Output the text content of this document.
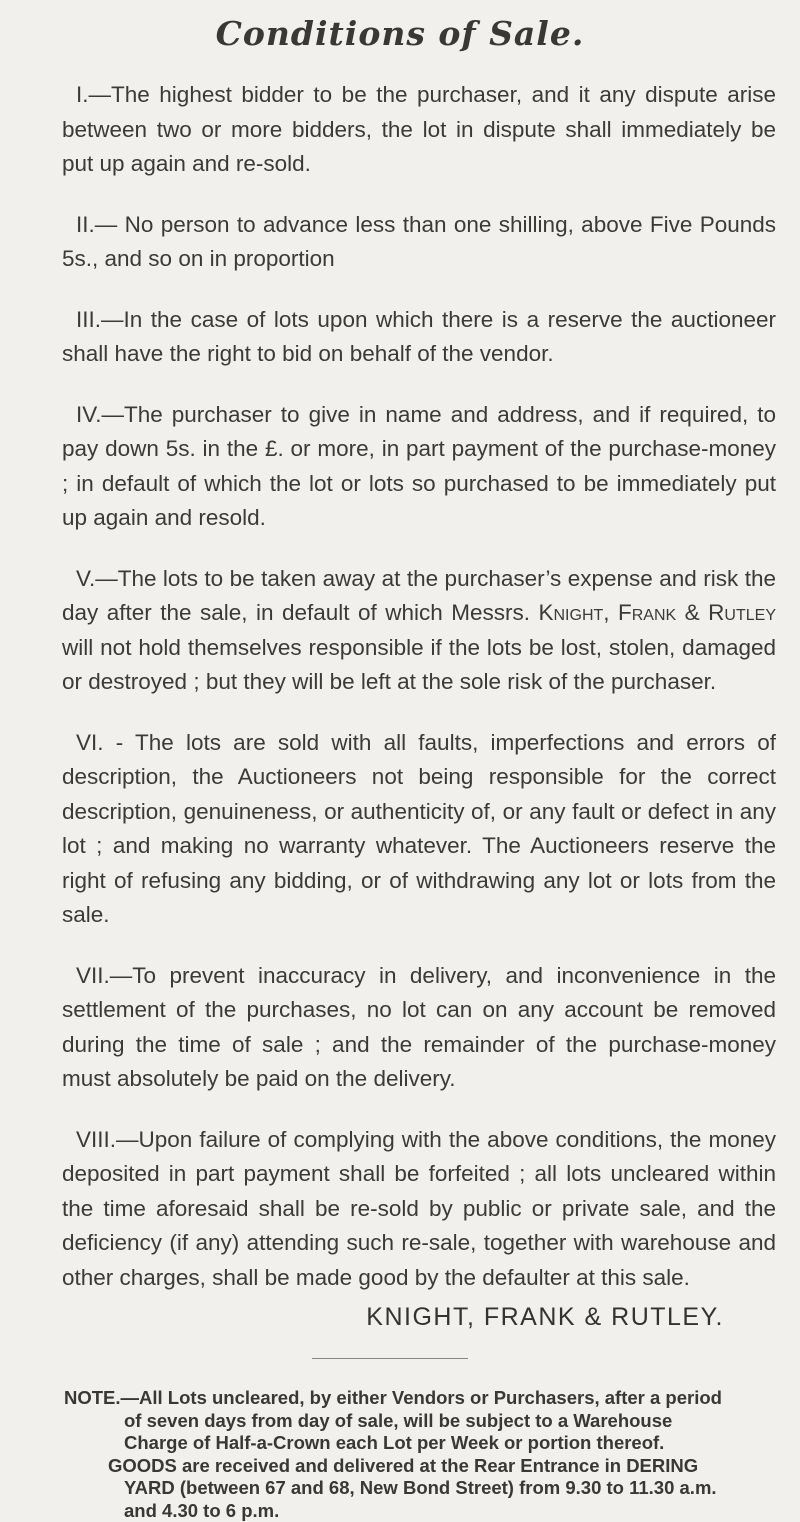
Conditions of Sale.

I.—The highest bidder to be the purchaser, and it any dispute arise between two or more bidders, the lot in dispute shall immediately be put up again and re-sold.

II.— No person to advance less than one shilling, above Five Pounds 5s., and so on in proportion

III.—In the case of lots upon which there is a reserve the auctioneer shall have the right to bid on behalf of the vendor.

IV.—The purchaser to give in name and address, and if required, to pay down 5s. in the £. or more, in part payment of the purchase-money ; in default of which the lot or lots so purchased to be immediately put up again and resold.

V.—The lots to be taken away at the purchaser’s expense and risk the day after the sale, in default of which Messrs. Knight, Frank & Rutley will not hold themselves responsible if the lots be lost, stolen, damaged or destroyed ; but they will be left at the sole risk of the purchaser.

VI. - The lots are sold with all faults, imperfections and errors of description, the Auctioneers not being responsible for the correct description, genuineness, or authenticity of, or any fault or defect in any lot ; and making no warranty whatever. The Auctioneers reserve the right of refusing any bidding, or of withdrawing any lot or lots from the sale.

VII.—To prevent inaccuracy in delivery, and inconvenience in the settlement of the purchases, no lot can on any account be removed during the time of sale ; and the remainder of the purchase-money must absolutely be paid on the delivery.

VIII.—Upon failure of complying with the above conditions, the money deposited in part payment shall be forfeited ; all lots uncleared within the time aforesaid shall be re-sold by public or private sale, and the deficiency (if any) attending such re-sale, together with warehouse and other charges, shall be made good by the defaulter at this sale.

KNIGHT, FRANK & RUTLEY.
NOTE.—All Lots uncleared, by either Vendors or Purchasers, after a period
of seven days from day of sale, will be subject to a Warehouse
Charge of Half-a-Crown each Lot per Week or portion thereof.
GOODS are received and delivered at the Rear Entrance in DERING
YARD (between 67 and 68, New Bond Street) from 9.30 to 11.30 a.m.
and 4.30 to 6 p.m.
